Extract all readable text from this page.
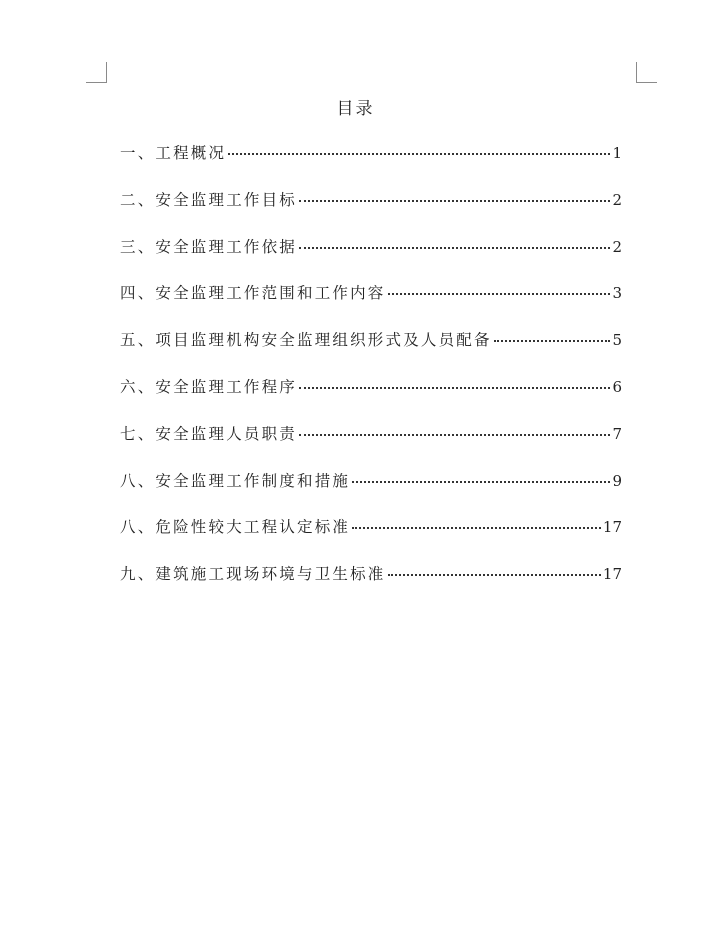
目录
一、工程概况	1
二、安全监理工作目标	2
三、安全监理工作依据	2
四、安全监理工作范围和工作内容	3
五、项目监理机构安全监理组织形式及人员配备	5
六、安全监理工作程序	6
七、安全监理人员职责	7
八、安全监理工作制度和措施	9
八、危险性较大工程认定标准	17
九、建筑施工现场环境与卫生标准	17
